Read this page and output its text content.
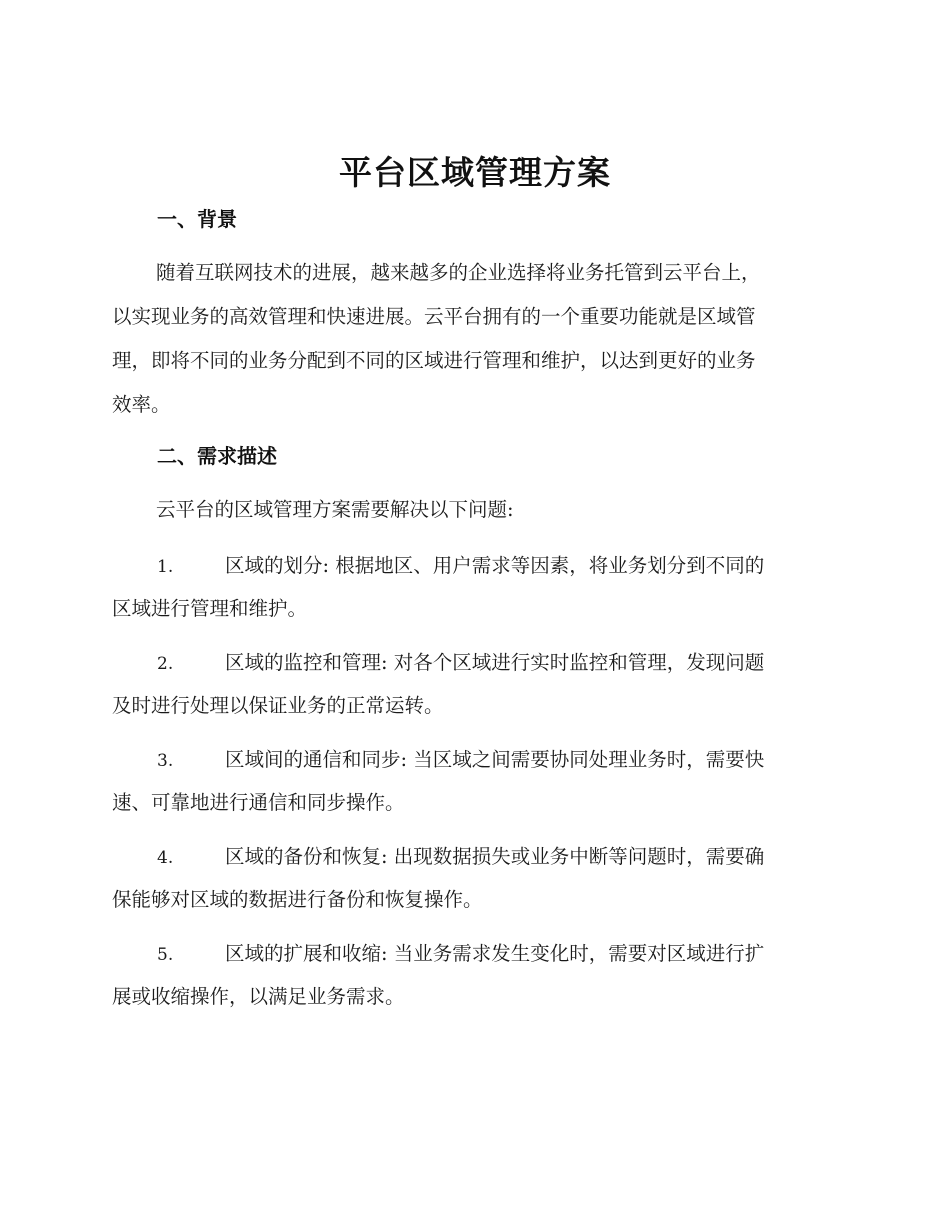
平台区域管理方案
一、背景
随着互联网技术的进展，越来越多的企业选择将业务托管到云平台上，
以实现业务的高效管理和快速进展。云平台拥有的一个重要功能就是区域管
理，即将不同的业务分配到不同的区域进行管理和维护，以达到更好的业务
效率。
二、需求描述
云平台的区域管理方案需要解决以下问题:
1.	区域的划分: 根据地区、用户需求等因素，将业务划分到不同的
区域进行管理和维护。
2.	区域的监控和管理: 对各个区域进行实时监控和管理，发现问题
及时进行处理以保证业务的正常运转。
3.	区域间的通信和同步: 当区域之间需要协同处理业务时，需要快
速、可靠地进行通信和同步操作。
4.	区域的备份和恢复: 出现数据损失或业务中断等问题时，需要确
保能够对区域的数据进行备份和恢复操作。
5.	区域的扩展和收缩: 当业务需求发生变化时，需要对区域进行扩
展或收缩操作，以满足业务需求。
